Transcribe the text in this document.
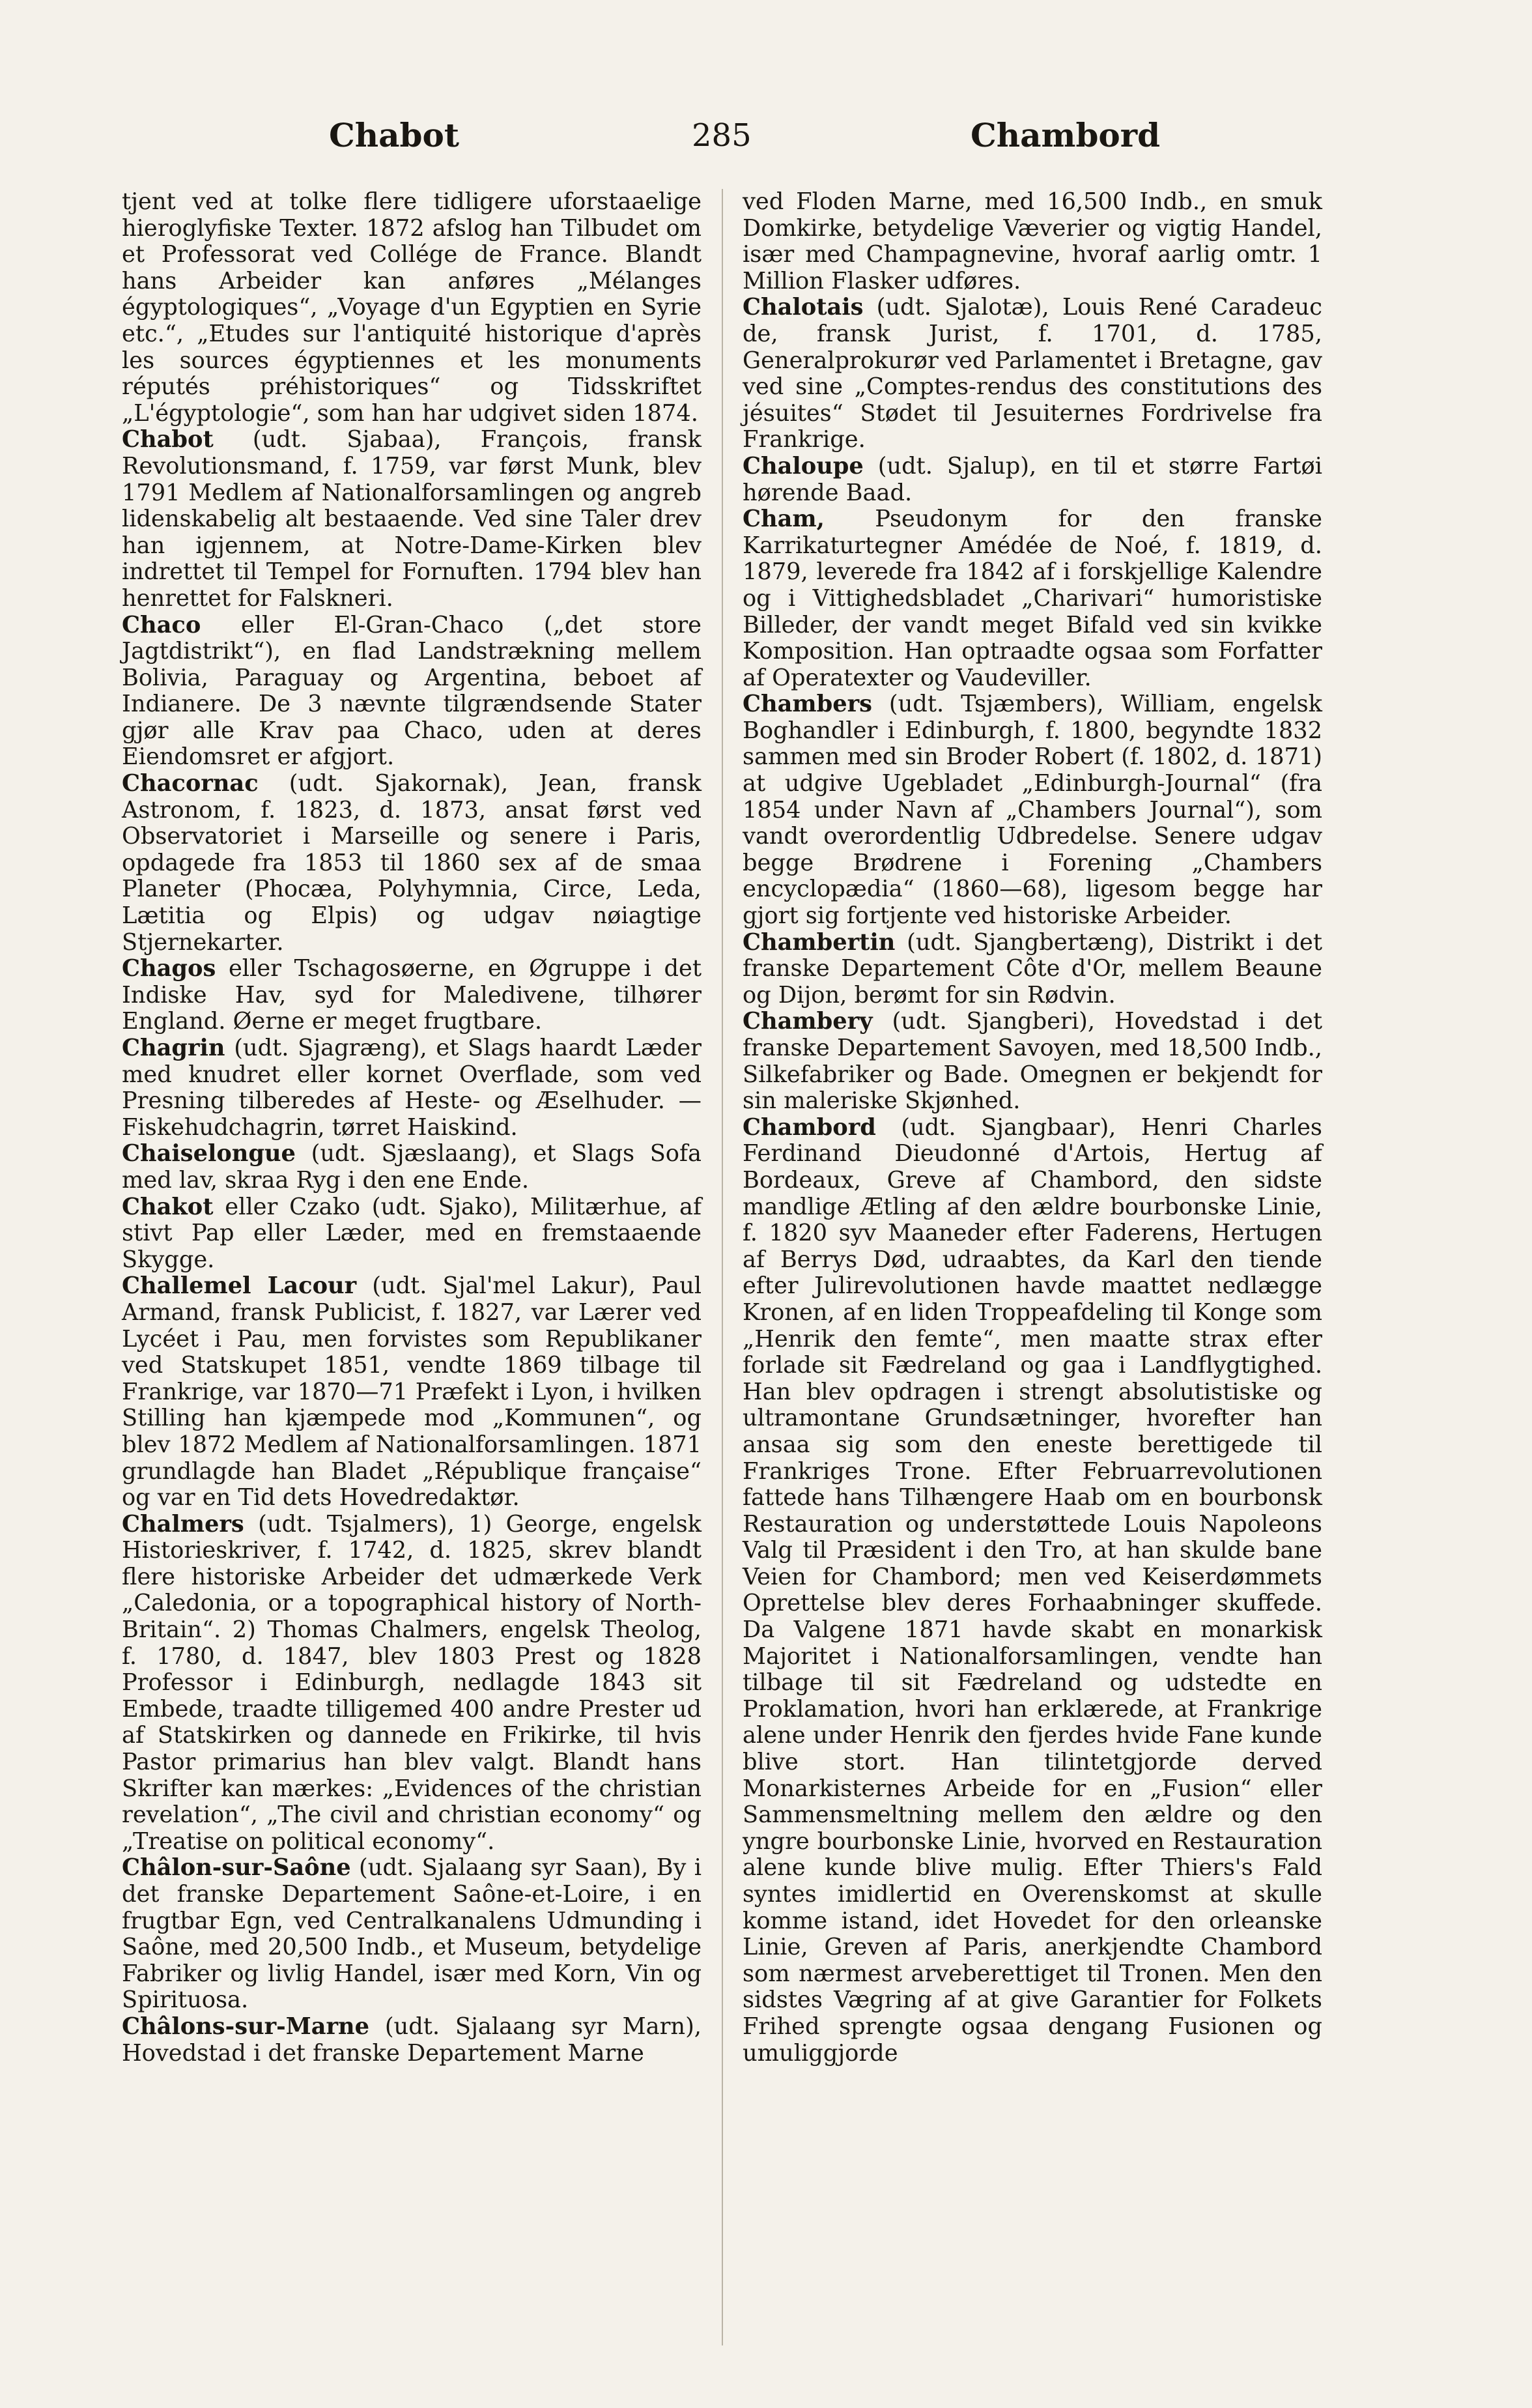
Chabot	285	Chambord

tjent ved at tolke flere tidligere uforstaaelige hieroglyfiske Texter. 1872 afslog han Tilbudet om et Professorat ved Collége de France. Blandt hans Arbeider kan anføres „Mélanges égyptologiques“, „Voyage d'un Egyptien en Syrie etc.“, „Etudes sur l'antiquité historique d'après les sources égyptiennes et les monuments réputés préhistoriques“ og Tidsskriftet „L'égyptologie“, som han har udgivet siden 1874.

Chabot (udt. Sjabaa), François, fransk Revolutionsmand, f. 1759, var først Munk, blev 1791 Medlem af Nationalforsamlingen og angreb lidenskabelig alt bestaaende. Ved sine Taler drev han igjennem, at Notre-Dame-Kirken blev indrettet til Tempel for Fornuften. 1794 blev han henrettet for Falskneri.

Chaco eller El-Gran-Chaco („det store Jagtdistrikt“), en flad Landstrækning mellem Bolivia, Paraguay og Argentina, beboet af Indianere. De 3 nævnte tilgrændsende Stater gjør alle Krav paa Chaco, uden at deres Eiendomsret er afgjort.

Chacornac (udt. Sjakornak), Jean, fransk Astronom, f. 1823, d. 1873, ansat først ved Observatoriet i Marseille og senere i Paris, opdagede fra 1853 til 1860 sex af de smaa Planeter (Phocæa, Polyhymnia, Circe, Leda, Lætitia og Elpis) og udgav nøiagtige Stjernekarter.

Chagos eller Tschagosøerne, en Øgruppe i det Indiske Hav, syd for Maledivene, tilhører England. Øerne er meget frugtbare.

Chagrin (udt. Sjagræng), et Slags haardt Læder med knudret eller kornet Overflade, som ved Presning tilberedes af Heste- og Æselhuder. — Fiskehudchagrin, tørret Haiskind.

Chaiselongue (udt. Sjæslaang), et Slags Sofa med lav, skraa Ryg i den ene Ende.

Chakot eller Czako (udt. Sjako), Militærhue, af stivt Pap eller Læder, med en fremstaaende Skygge.

Challemel Lacour (udt. Sjal'mel Lakur), Paul Armand, fransk Publicist, f. 1827, var Lærer ved Lycéet i Pau, men forvistes som Republikaner ved Statskupet 1851, vendte 1869 tilbage til Frankrige, var 1870—71 Præfekt i Lyon, i hvilken Stilling han kjæmpede mod „Kommunen“, og blev 1872 Medlem af Nationalforsamlingen. 1871 grundlagde han Bladet „République française“ og var en Tid dets Hovedredaktør.

Chalmers (udt. Tsjalmers), 1) George, engelsk Historieskriver, f. 1742, d. 1825, skrev blandt flere historiske Arbeider det udmærkede Verk „Caledonia, or a topographical history of North-Britain“. 2) Thomas Chalmers, engelsk Theolog, f. 1780, d. 1847, blev 1803 Prest og 1828 Professor i Edinburgh, nedlagde 1843 sit Embede, traadte tilligemed 400 andre Prester ud af Statskirken og dannede en Frikirke, til hvis Pastor primarius han blev valgt. Blandt hans Skrifter kan mærkes: „Evidences of the christian revelation“, „The civil and christian economy“ og „Treatise on political economy“.

Châlon-sur-Saône (udt. Sjalaang syr Saan), By i det franske Departement Saône-et-Loire, i en frugtbar Egn, ved Centralkanalens Udmunding i Saône, med 20,500 Indb., et Museum, betydelige Fabriker og livlig Handel, især med Korn, Vin og Spirituosa.

Châlons-sur-Marne (udt. Sjalaang syr Marn), Hovedstad i det franske Departement Marne

ved Floden Marne, med 16,500 Indb., en smuk Domkirke, betydelige Væverier og vigtig Handel, især med Champagnevine, hvoraf aarlig omtr. 1 Million Flasker udføres.

Chalotais (udt. Sjalotæ), Louis René Caradeuc de, fransk Jurist, f. 1701, d. 1785, Generalprokurør ved Parlamentet i Bretagne, gav ved sine „Comptes-rendus des constitutions des jésuites“ Stødet til Jesuiternes Fordrivelse fra Frankrige.

Chaloupe (udt. Sjalup), en til et større Fartøi hørende Baad.

Cham, Pseudonym for den franske Karrikaturtegner Amédée de Noé, f. 1819, d. 1879, leverede fra 1842 af i forskjellige Kalendre og i Vittighedsbladet „Charivari“ humoristiske Billeder, der vandt meget Bifald ved sin kvikke Komposition. Han optraadte ogsaa som Forfatter af Operatexter og Vaudeviller.

Chambers (udt. Tsjæmbers), William, engelsk Boghandler i Edinburgh, f. 1800, begyndte 1832 sammen med sin Broder Robert (f. 1802, d. 1871) at udgive Ugebladet „Edinburgh-Journal“ (fra 1854 under Navn af „Chambers Journal“), som vandt overordentlig Udbredelse. Senere udgav begge Brødrene i Forening „Chambers encyclopædia“ (1860—68), ligesom begge har gjort sig fortjente ved historiske Arbeider.

Chambertin (udt. Sjangbertæng), Distrikt i det franske Departement Côte d'Or, mellem Beaune og Dijon, berømt for sin Rødvin.

Chambery (udt. Sjangberi), Hovedstad i det franske Departement Savoyen, med 18,500 Indb., Silkefabriker og Bade. Omegnen er bekjendt for sin maleriske Skjønhed.

Chambord (udt. Sjangbaar), Henri Charles Ferdinand Dieudonné d'Artois, Hertug af Bordeaux, Greve af Chambord, den sidste mandlige Ætling af den ældre bourbonske Linie, f. 1820 syv Maaneder efter Faderens, Hertugen af Berrys Død, udraabtes, da Karl den tiende efter Julirevolutionen havde maattet nedlægge Kronen, af en liden Troppeafdeling til Konge som „Henrik den femte“, men maatte strax efter forlade sit Fædreland og gaa i Landflygtighed. Han blev opdragen i strengt absolutistiske og ultramontane Grundsætninger, hvorefter han ansaa sig som den eneste berettigede til Frankriges Trone. Efter Februarrevolutionen fattede hans Tilhængere Haab om en bourbonsk Restauration og understøttede Louis Napoleons Valg til Præsident i den Tro, at han skulde bane Veien for Chambord; men ved Keiserdømmets Oprettelse blev deres Forhaabninger skuffede. Da Valgene 1871 havde skabt en monarkisk Majoritet i Nationalforsamlingen, vendte han tilbage til sit Fædreland og udstedte en Proklamation, hvori han erklærede, at Frankrige alene under Henrik den fjerdes hvide Fane kunde blive stort. Han tilintetgjorde derved Monarkisternes Arbeide for en „Fusion“ eller Sammensmeltning mellem den ældre og den yngre bourbonske Linie, hvorved en Restauration alene kunde blive mulig. Efter Thiers's Fald syntes imidlertid en Overenskomst at skulle komme istand, idet Hovedet for den orleanske Linie, Greven af Paris, anerkjendte Chambord som nærmest arveberettiget til Tronen. Men den sidstes Vægring af at give Garantier for Folkets Frihed sprengte ogsaa dengang Fusionen og umuliggjorde
